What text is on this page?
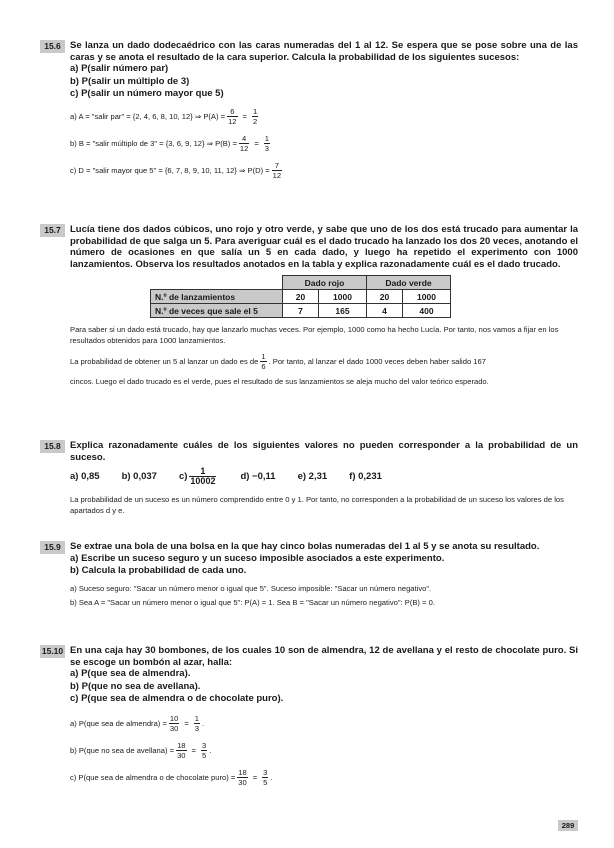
15.6 Se lanza un dado dodecaédrico con las caras numeradas del 1 al 12. Se espera que se pose sobre una de las caras y se anota el resultado de la cara superior. Calcula la probabilidad de los siguientes sucesos:
a) P(salir número par)
b) P(salir un múltiplo de 3)
c) P(salir un número mayor que 5)
a) A = "salir par" = {2, 4, 6, 8, 10, 12} ⇒ $P(A) = \frac{6}{12} = \frac{1}{2}$
b) B = "salir múltiplo de 3" = {3, 6, 9, 12} ⇒ $P(B) = \frac{4}{12} = \frac{1}{3}$
c) D = "salir mayor que 5" = {6, 7, 8, 9, 10, 11, 12} ⇒ $P(D) = \frac{7}{12}$
15.7 Lucía tiene dos dados cúbicos, uno rojo y otro verde, y sabe que uno de los dos está trucado para aumentar la probabilidad de que salga un 5. Para averiguar cuál es el dado trucado ha lanzado los dos 20 veces, anotando el número de ocasiones en que salía un 5 en cada dado, y luego ha repetido el experimento con 1000 lanzamientos. Observa los resultados anotados en la tabla y explica razonadamente cuál es el dado trucado.
	Dado rojo		Dado verde	
N.º de lanzamientos	20	1000	20	1000
N.º de veces que sale el 5	7	165	4	400
Para saber si un dado está trucado, hay que lanzarlo muchas veces. Por ejemplo, 1000 como ha hecho Lucía. Por tanto, nos vamos a fijar en los resultados obtenidos para 1000 lanzamientos.
La probabilidad de obtener un 5 al lanzar un dado es de $\frac{1}{6}$ . Por tanto, al lanzar el dado 1000 veces deben haber salido 167
cincos. Luego el dado trucado es el verde, pues el resultado de sus lanzamientos se aleja mucho del valor teórico esperado.
15.8 Explica razonadamente cuáles de los siguientes valores no pueden corresponder a la probabilidad de un suceso.
a) 0,85 b) 0,037 $c) \frac{1}{10002}$	d) −0,11 e) 2,31 f) 0,231
La probabilidad de un suceso es un número comprendido entre 0 y 1. Por tanto, no corresponden a la probabilidad de un suceso los valores de los apartados d y e.
15.9 Se extrae una bola de una bolsa en la que hay cinco bolas numeradas del 1 al 5 y se anota su resultado.
a) Escribe un suceso seguro y un suceso imposible asociados a este experimento.
b) Calcula la probabilidad de cada uno.
a) Suceso seguro: "Sacar un número menor o igual que 5". Suceso imposible: "Sacar un número negativo".
b) Sea A = "Sacar un número menor o igual que 5": P(A) = 1. Sea B = "Sacar un número negativo": P(B) = 0.
15.10 En una caja hay 30 bombones, de los cuales 10 son de almendra, 12 de avellana y el resto de chocolate puro. Si se escoge un bombón al azar, halla:
a) P(que sea de almendra).
b) P(que no sea de avellana).
c) P(que sea de almendra o de chocolate puro).
a) P(que sea de almendra) = $\frac{10}{30} = \frac{1}{3}$ .
b) P(que no sea de avellana) = $\frac{18}{30} = \frac{3}{5}$ .
c) P(que sea de almendra o de chocolate puro) = $\frac{18}{30} = \frac{3}{5}$ .
289
